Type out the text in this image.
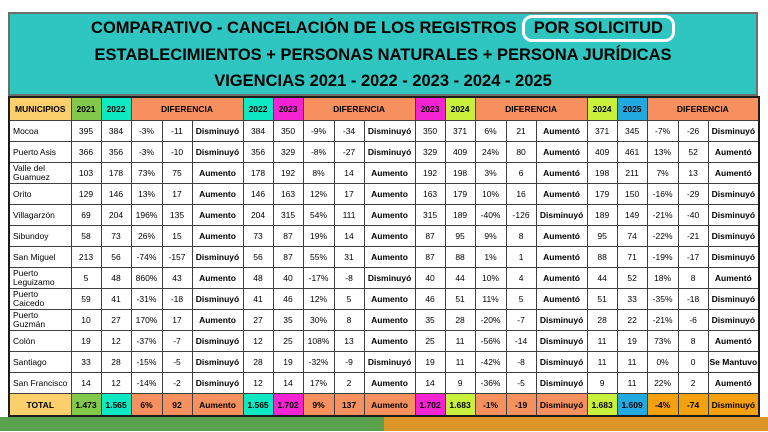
COMPARATIVO - CANCELACIÓN DE LOS REGISTROS POR SOLICITUD
ESTABLECIMIENTOS + PERSONAS NATURALES + PERSONA JURÍDICAS
VIGENCIAS 2021 - 2022 - 2023 - 2024 - 2025
MUNICIPIOS	2021	2022	DIFERENCIA			2022	2023	DIFERENCIA			2023	2024	DIFERENCIA			2024	2025	DIFERENCIA		
Mocoa	395	384	-3%	-11	Disminuyó	384	350	-9%	-34	Disminuyó	350	371	6%	21	Aumentó	371	345	-7%	-26	Disminuyó
Puerto Asis	366	356	-3%	-10	Disminuyó	356	329	-8%	-27	Disminuyó	329	409	24%	80	Aumentó	409	461	13%	52	Aumentó
Valle del Guamuez	103	178	73%	75	Aumento	178	192	8%	14	Aumento	192	198	3%	6	Aumentó	198	211	7%	13	Aumentó
Orito	129	146	13%	17	Aumento	146	163	12%	17	Aumento	163	179	10%	16	Aumentó	179	150	-16%	-29	Disminuyó
Villagarzón	69	204	196%	135	Aumento	204	315	54%	111	Aumento	315	189	-40%	-126	Disminuyó	189	149	-21%	-40	Disminuyó
Sibundoy	58	73	26%	15	Aumento	73	87	19%	14	Aumento	87	95	9%	8	Aumentó	95	74	-22%	-21	Disminuyó
San Miguel	213	56	-74%	-157	Disminuyó	56	87	55%	31	Aumento	87	88	1%	1	Aumentó	88	71	-19%	-17	Disminuyó
Puerto Leguizamo	5	48	860%	43	Aumento	48	40	-17%	-8	Disminuyó	40	44	10%	4	Aumentó	44	52	18%	8	Aumentó
Puerto Caicedo	59	41	-31%	-18	Disminuyó	41	46	12%	5	Aumento	46	51	11%	5	Aumentó	51	33	-35%	-18	Disminuyó
Puerto Guzmán	10	27	170%	17	Aumento	27	35	30%	8	Aumento	35	28	-20%	-7	Disminuyó	28	22	-21%	-6	Disminuyó
Colón	19	12	-37%	-7	Disminuyó	12	25	108%	13	Aumento	25	11	-56%	-14	Disminuyó	11	19	73%	8	Aumentó
Santiago	33	28	-15%	-5	Disminuyó	28	19	-32%	-9	Disminuyó	19	11	-42%	-8	Disminuyó	11	11	0%	0	Se Mantuvo
San Francisco	14	12	-14%	-2	Disminuyó	12	14	17%	2	Aumento	14	9	-36%	-5	Disminuyó	9	11	22%	2	Aumentó
TOTAL	1.473	1.565	6%	92	Aumento	1.565	1.702	9%	137	Aumento	1.702	1.683	-1%	-19	Disminuyó	1.683	1.609	-4%	-74	Disminuyó
